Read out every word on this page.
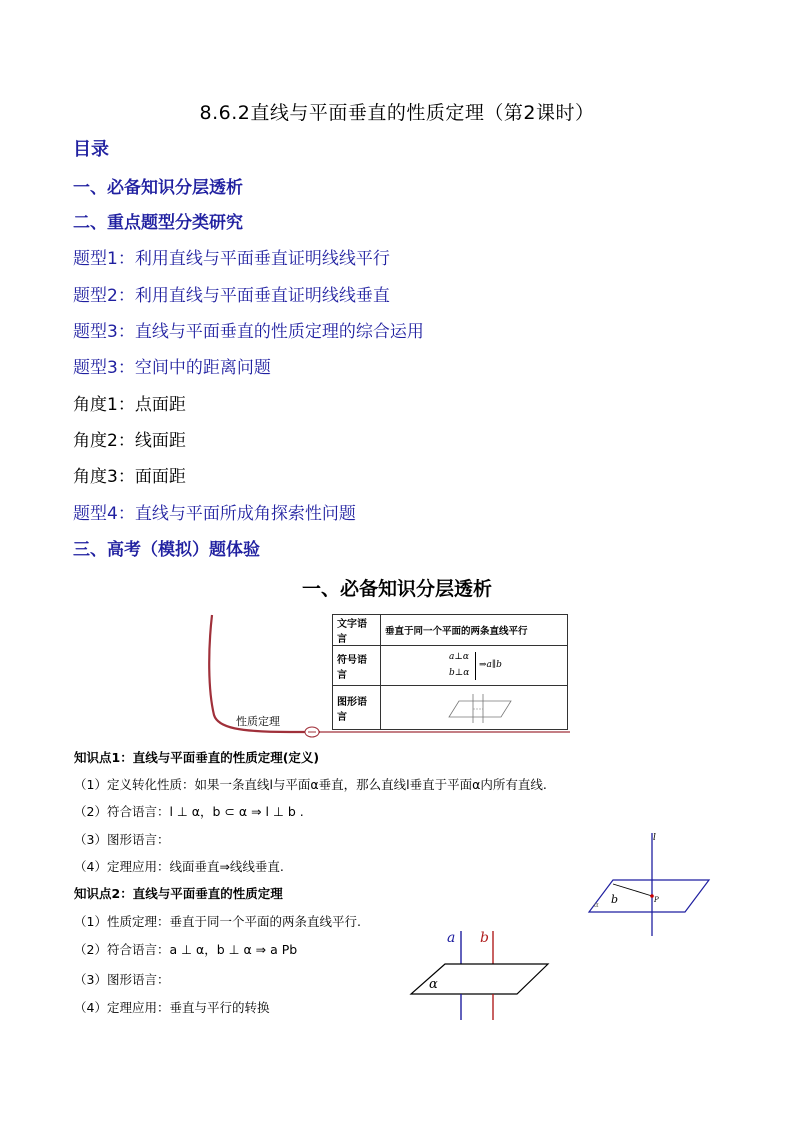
8.6.2直线与平面垂直的性质定理（第2课时）
目录
一、必备知识分层透析
二、重点题型分类研究
题型1：利用直线与平面垂直证明线线平行
题型2：利用直线与平面垂直证明线线垂直
题型3：直线与平面垂直的性质定理的综合运用
题型3：空间中的距离问题
角度1：点面距
角度2：线面距
角度3：面面距
题型4：直线与平面所成角探索性问题
三、高考（模拟）题体验
一、必备知识分层透析
性质定理
文字语言	垂直于同一个平面的两条直线平行
符号语言	a⊥α
b⊥α
⇒a∥b

图形语言	
知识点1：直线与平面垂直的性质定理(定义)
（1）定义转化性质：如果一条直线l与平面α垂直，那么直线l垂直于平面α内所有直线.
（2）符合语言：l ⊥ α，b ⊂ α ⇒ l ⊥ b .
（3）图形语言：
（4）定理应用：线面垂直⇒线线垂直.
l
b	P
α
知识点2：直线与平面垂直的性质定理
（1）性质定理：垂直于同一个平面的两条直线平行.
（2）符合语言：a ⊥ α，b ⊥ α ⇒ a Pb
（3）图形语言：
（4）定理应用：垂直与平行的转换
a b
α
